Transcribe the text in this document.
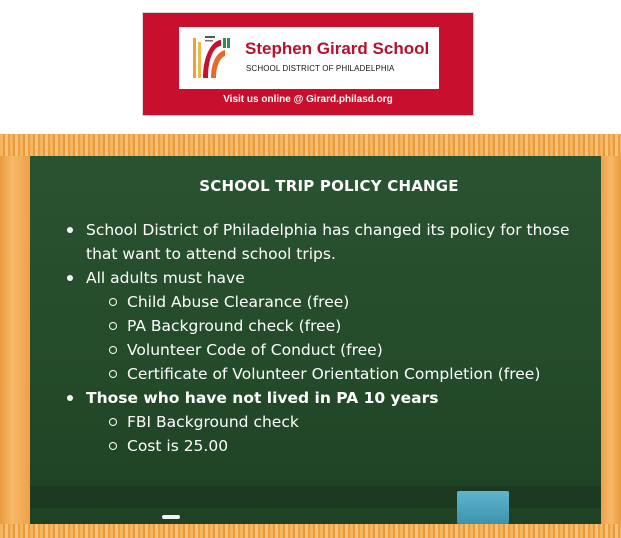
Stephen Girard School
SCHOOL DISTRICT OF PHILADELPHIA
Visit us online @ Girard.philasd.org
SCHOOL TRIP POLICY CHANGE
School District of Philadelphia has changed its policy for those that want to attend school trips.
All adults must have
Child Abuse Clearance (free)
PA Background check (free)
Volunteer Code of Conduct (free)
Certificate of Volunteer Orientation Completion (free)
Those who have not lived in PA 10 years
FBI Background check
Cost is 25.00
